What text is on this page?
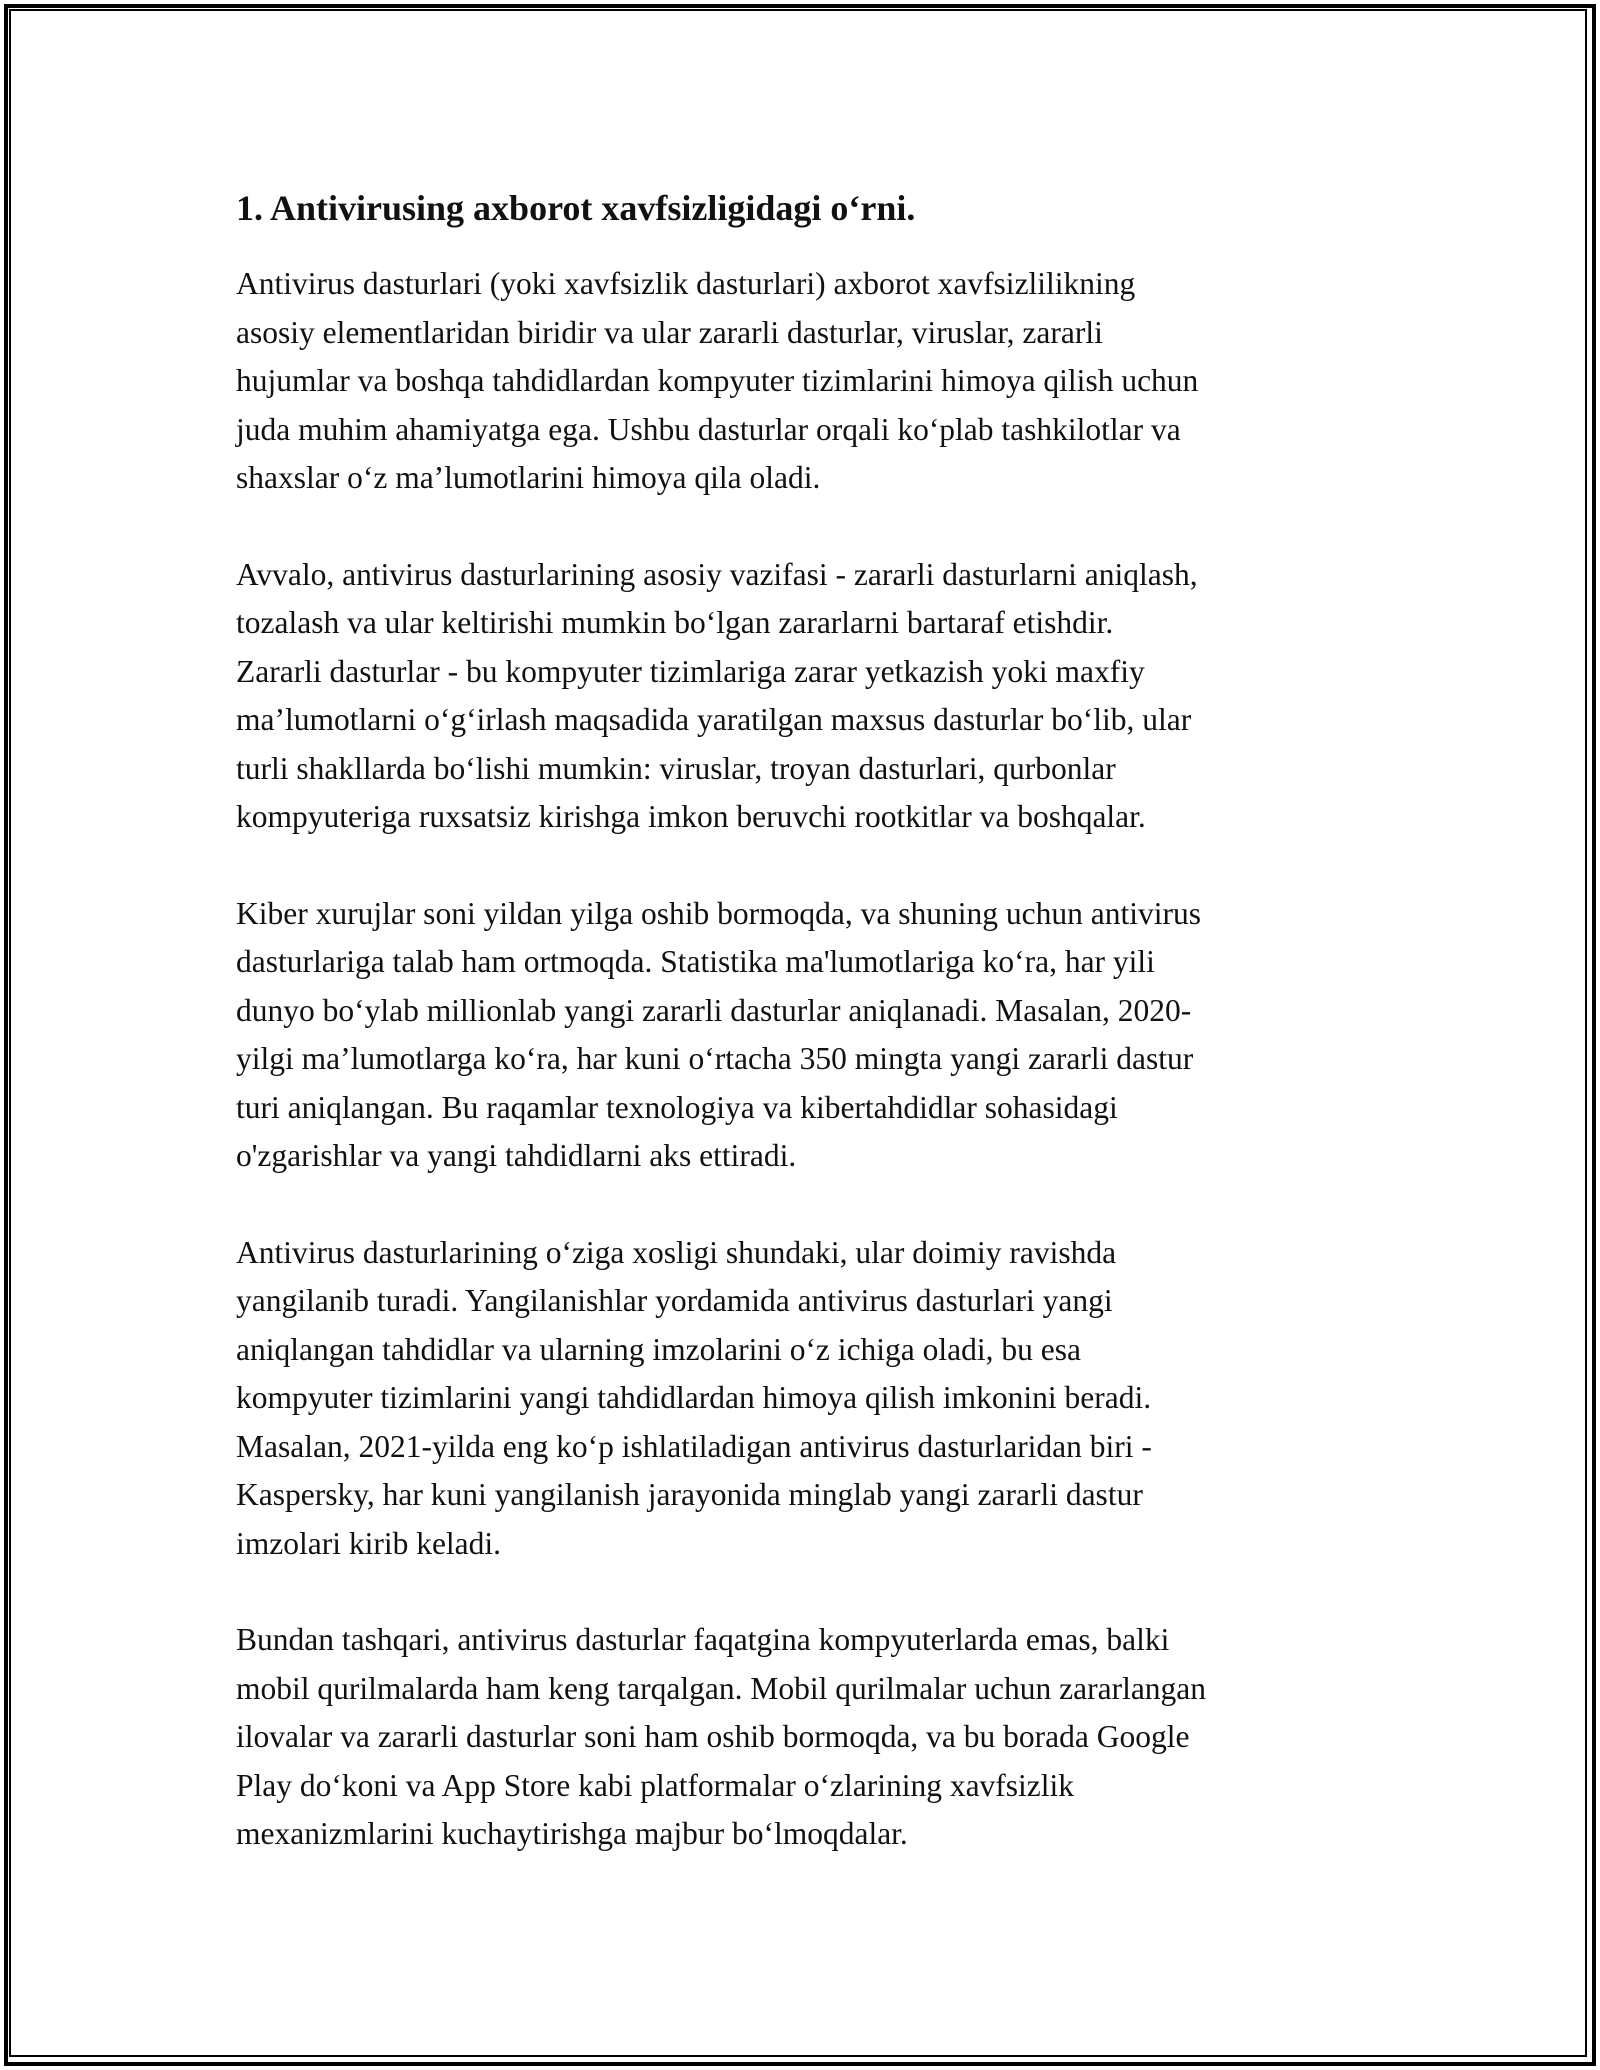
1. Antivirusing axborot xavfsizligidagi o‘rni.

Antivirus dasturlari (yoki xavfsizlik dasturlari) axborot xavfsizlilikning
asosiy elementlaridan biridir va ular zararli dasturlar, viruslar, zararli
hujumlar va boshqa tahdidlardan kompyuter tizimlarini himoya qilish uchun
juda muhim ahamiyatga ega. Ushbu dasturlar orqali ko‘plab tashkilotlar va
shaxslar o‘z ma’lumotlarini himoya qila oladi.

Avvalo, antivirus dasturlarining asosiy vazifasi - zararli dasturlarni aniqlash,
tozalash va ular keltirishi mumkin bo‘lgan zararlarni bartaraf etishdir.
Zararli dasturlar - bu kompyuter tizimlariga zarar yetkazish yoki maxfiy
ma’lumotlarni o‘g‘irlash maqsadida yaratilgan maxsus dasturlar bo‘lib, ular
turli shakllarda bo‘lishi mumkin: viruslar, troyan dasturlari, qurbonlar
kompyuteriga ruxsatsiz kirishga imkon beruvchi rootkitlar va boshqalar.

Kiber xurujlar soni yildan yilga oshib bormoqda, va shuning uchun antivirus
dasturlariga talab ham ortmoqda. Statistika ma'lumotlariga ko‘ra, har yili
dunyo bo‘ylab millionlab yangi zararli dasturlar aniqlanadi. Masalan, 2020-
yilgi ma’lumotlarga ko‘ra, har kuni o‘rtacha 350 mingta yangi zararli dastur
turi aniqlangan. Bu raqamlar texnologiya va kibertahdidlar sohasidagi
o'zgarishlar va yangi tahdidlarni aks ettiradi.

Antivirus dasturlarining o‘ziga xosligi shundaki, ular doimiy ravishda
yangilanib turadi. Yangilanishlar yordamida antivirus dasturlari yangi
aniqlangan tahdidlar va ularning imzolarini o‘z ichiga oladi, bu esa
kompyuter tizimlarini yangi tahdidlardan himoya qilish imkonini beradi.
Masalan, 2021-yilda eng ko‘p ishlatiladigan antivirus dasturlaridan biri -
Kaspersky, har kuni yangilanish jarayonida minglab yangi zararli dastur
imzolari kirib keladi.

Bundan tashqari, antivirus dasturlar faqatgina kompyuterlarda emas, balki
mobil qurilmalarda ham keng tarqalgan. Mobil qurilmalar uchun zararlangan
ilovalar va zararli dasturlar soni ham oshib bormoqda, va bu borada Google
Play do‘koni va App Store kabi platformalar o‘zlarining xavfsizlik
mexanizmlarini kuchaytirishga majbur bo‘lmoqdalar.
